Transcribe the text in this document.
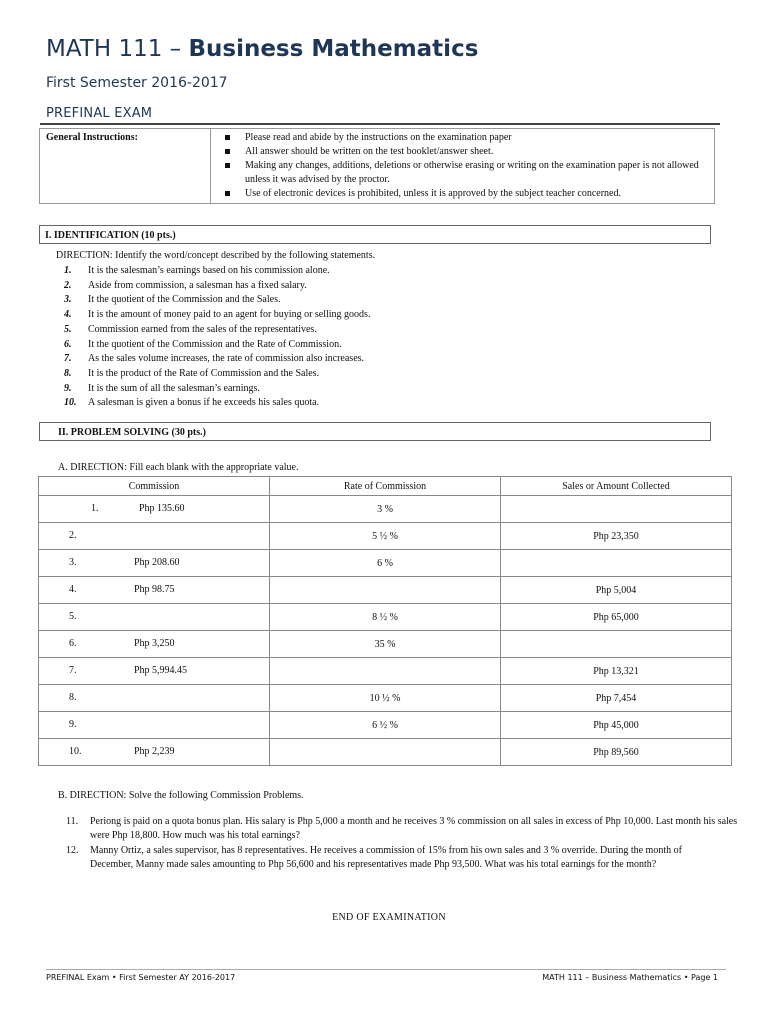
MATH 111 – Business Mathematics
First Semester 2016-2017
PREFINAL EXAM
General Instructions:	Please read and abide by the instructions on the examination paper
All answer should be written on the test booklet/answer sheet.
Making any changes, additions, deletions or otherwise erasing or writing on the examination paper is not allowed unless it was advised by the proctor.
Use of electronic devices is prohibited, unless it is approved by the subject teacher concerned.
I. IDENTIFICATION (10 pts.)
DIRECTION: Identify the word/concept described by the following statements.
1. It is the salesman’s earnings based on his commission alone.
2. Aside from commission, a salesman has a fixed salary.
3. It the quotient of the Commission and the Sales.
4. It is the amount of money paid to an agent for buying or selling goods.
5. Commission earned from the sales of the representatives.
6. It the quotient of the Commission and the Rate of Commission.
7. As the sales volume increases, the rate of commission also increases.
8. It is the product of the Rate of Commission and the Sales.
9. It is the sum of all the salesman’s earnings.
10. A salesman is given a bonus if he exceeds his sales quota.
II. PROBLEM SOLVING (30 pts.)
A. DIRECTION: Fill each blank with the appropriate value.
Commission	Rate of Commission	Sales or Amount Collected

1. Php 135.60	3 %	

2.	5 ½ %	Php 23,350

3. Php 208.60	6 %	

4. Php 98.75		Php 5,004

5.	8 ½ %	Php 65,000

6. Php 3,250	35 %	

7. Php 5,994.45		Php 13,321

8.	10 ½ %	Php 7,454

9.	6 ½ %	Php 45,000

10. Php 2,239		Php 89,560
B. DIRECTION: Solve the following Commission Problems.
11.	Periong is paid on a quota bonus plan. His salary is Php 5,000 a month and he receives 3 % commission on all sales in excess of Php 10,000. Last month his sales were Php 18,800. How much was his total earnings?
12.	Manny Ortiz, a sales supervisor, has 8 representatives. He receives a commission of 15% from his own sales and 3 % override. During the month of December, Manny made sales amounting to Php 56,600 and his representatives made Php 93,500. What was his total earnings for the month?
END OF EXAMINATION
PREFINAL Exam • First Semester AY 2016-2017	MATH 111 – Business Mathematics • Page 1
